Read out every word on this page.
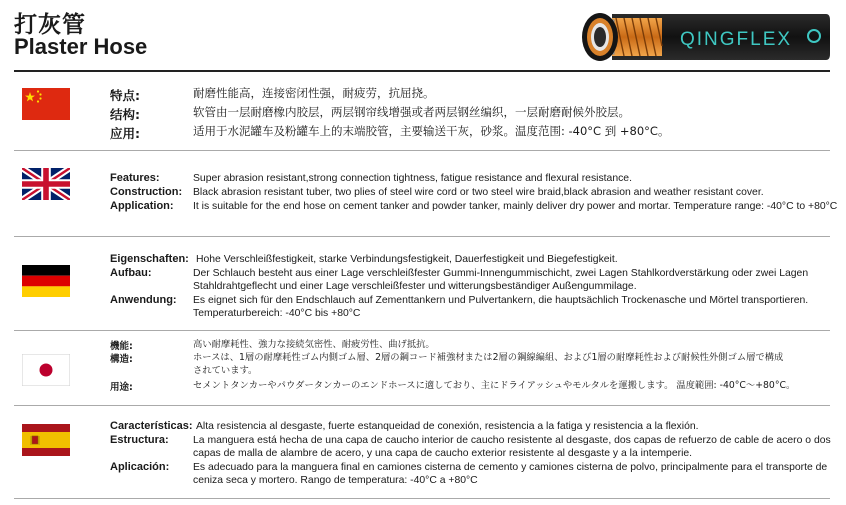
打灰管
Plaster Hose	QINGFLEX
特点:	耐磨性能高，连接密闭性强，耐疲劳，抗屈挠。
结构:	软管由一层耐磨橡内胶层，两层钢帘线增强或者两层钢丝编织，一层耐磨耐候外胶层。
应用:	适用于水泥罐车及粉罐车上的末端胶管，主要输送干灰，砂浆。温度范围: -40°C 到 +80°C。
Features:	Super abrasion resistant,strong connection tightness, fatigue resistance and flexural resistance.
Construction: Black abrasion resistant tuber, two plies of steel wire cord or two steel wire braid,black abrasion and weather resistant cover.
Application: It is suitable for the end hose on cement tanker and powder tanker, mainly deliver dry power and mortar. Temperature range: -40°C to +80°C
Eigenschaften: Hohe Verschleißfestigkeit, starke Verbindungsfestigkeit, Dauerfestigkeit und Biegefestigkeit.
Aufbau:	Der Schlauch besteht aus einer Lage verschleißfester Gummi-Innengummischicht, zwei Lagen Stahlkordverstärkung oder zwei Lagen
Stahldrahtgeflecht und einer Lage verschleißfester und witterungsbeständiger Außengummilage.
Anwendung: Es eignet sich für den Endschlauch auf Zementtankern und Pulvertankern, die hauptsächlich Trockenasche und Mörtel transportieren.
Temperaturbereich: -40°C bis +80°C
機能:	高い耐摩耗性、強力な接続気密性、耐疲労性、曲げ抵抗。
構造:	ホースは、1層の耐摩耗性ゴム内側ゴム層、2層の鋼コード補強材または2層の鋼線編組、および1層の耐摩耗性および耐候性外側ゴム層で構成
されています。
用途:	セメントタンカーやパウダータンカーのエンドホースに適しており、主にドライアッシュやモルタルを運搬します。 温度範囲: -40°C〜+80°C。
Características: Alta resistencia al desgaste, fuerte estanqueidad de conexión, resistencia a la fatiga y resistencia a la flexión.
Estructura: La manguera está hecha de una capa de caucho interior de caucho resistente al desgaste, dos capas de refuerzo de cable de acero o dos
capas de malla de alambre de acero, y una capa de caucho exterior resistente al desgaste y a la intemperie.
Aplicación: Es adecuado para la manguera final en camiones cisterna de cemento y camiones cisterna de polvo, principalmente para el transporte de
ceniza seca y mortero. Rango de temperatura: -40°C a +80°C
